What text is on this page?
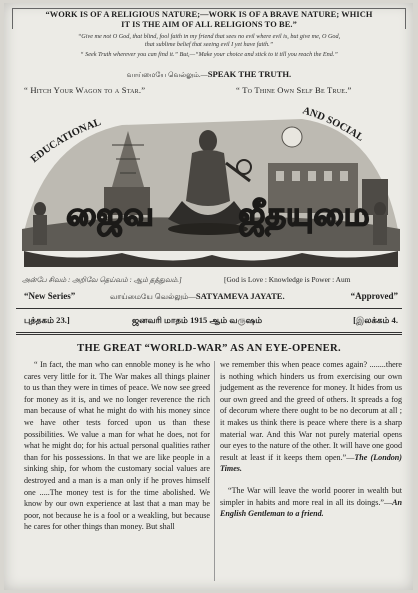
“WORK IS OF A RELIGIOUS NATURE;—WORK IS OF A BRAVE NATURE; WHICH
IT IS THE AIM OF ALL RELIGIONS TO BE.”
“Give me not O God, that blind, fool faith in my friend that sees no evil where evil is, but give me, O God,
that sublime belief that seeing evil I yet have faith.”
“ Seek Truth wherever you can find it.” But,—“Make your choice and stick to it till you reach the End.”
வாய்மையே வெல்லும்.—SPEAK THE TRUTH.
“ Hitch Your Wagon to a Star.”	“ To Thine Own Self Be True.”
EDUCATIONAL
AND SOCIAL
ஜைவ	ஜீதயுமை
அன்பே சிவம் : அறிவே தெய்வம் : ஆம் தத்துவம்.]	[God is Love : Knowledge is Power : Aum
“New Series”	வாய்மையே வெல்லும்—SATYAMEVA JAYATE.	“Approved”
புத்தகம் 23.]	ஜனவரி மாதம் 1915 ஆம் வருஷம்	[இலக்கம் 4.
THE GREAT “WORLD-WAR” AS AN EYE-OPENER.

“ In fact, the man who can ennoble money is he who cares very little for it. The War makes all things plainer to us than they were in times of peace. We now see greed for money as it is, and we no longer reverence the rich man because of what he might do with his money since we have other tests forced upon us than these possibilities. We value a man for what he does, not for what he might do; for his actual personal qualities rather than for his possessions. In that we are like people in a sinking ship, for whom the customary social values are destroyed and a man is a man only if he proves himself one .....The money test is for the time abolished. We know by our own experience at last that a man may be poor, not because he is a fool or a weakling, but because he cares for other things than money. But shall

we remember this when peace comes again? ........there is nothing which hinders us from exercising our own judgement as the reverence for money. It hides from us our own greed and the greed of others. It spreads a fog of decorum where there ought to be no decorum at all ; it makes us think there is peace where there is a sharp material war. And this War not purely material opens our eyes to the nature of the other. It will have one good result at least if it keeps them open.”—The (London) Times.

“The War will leave the world poorer in wealth but simpler in habits and more real in all its doings.”—An English Gentleman to a friend.
